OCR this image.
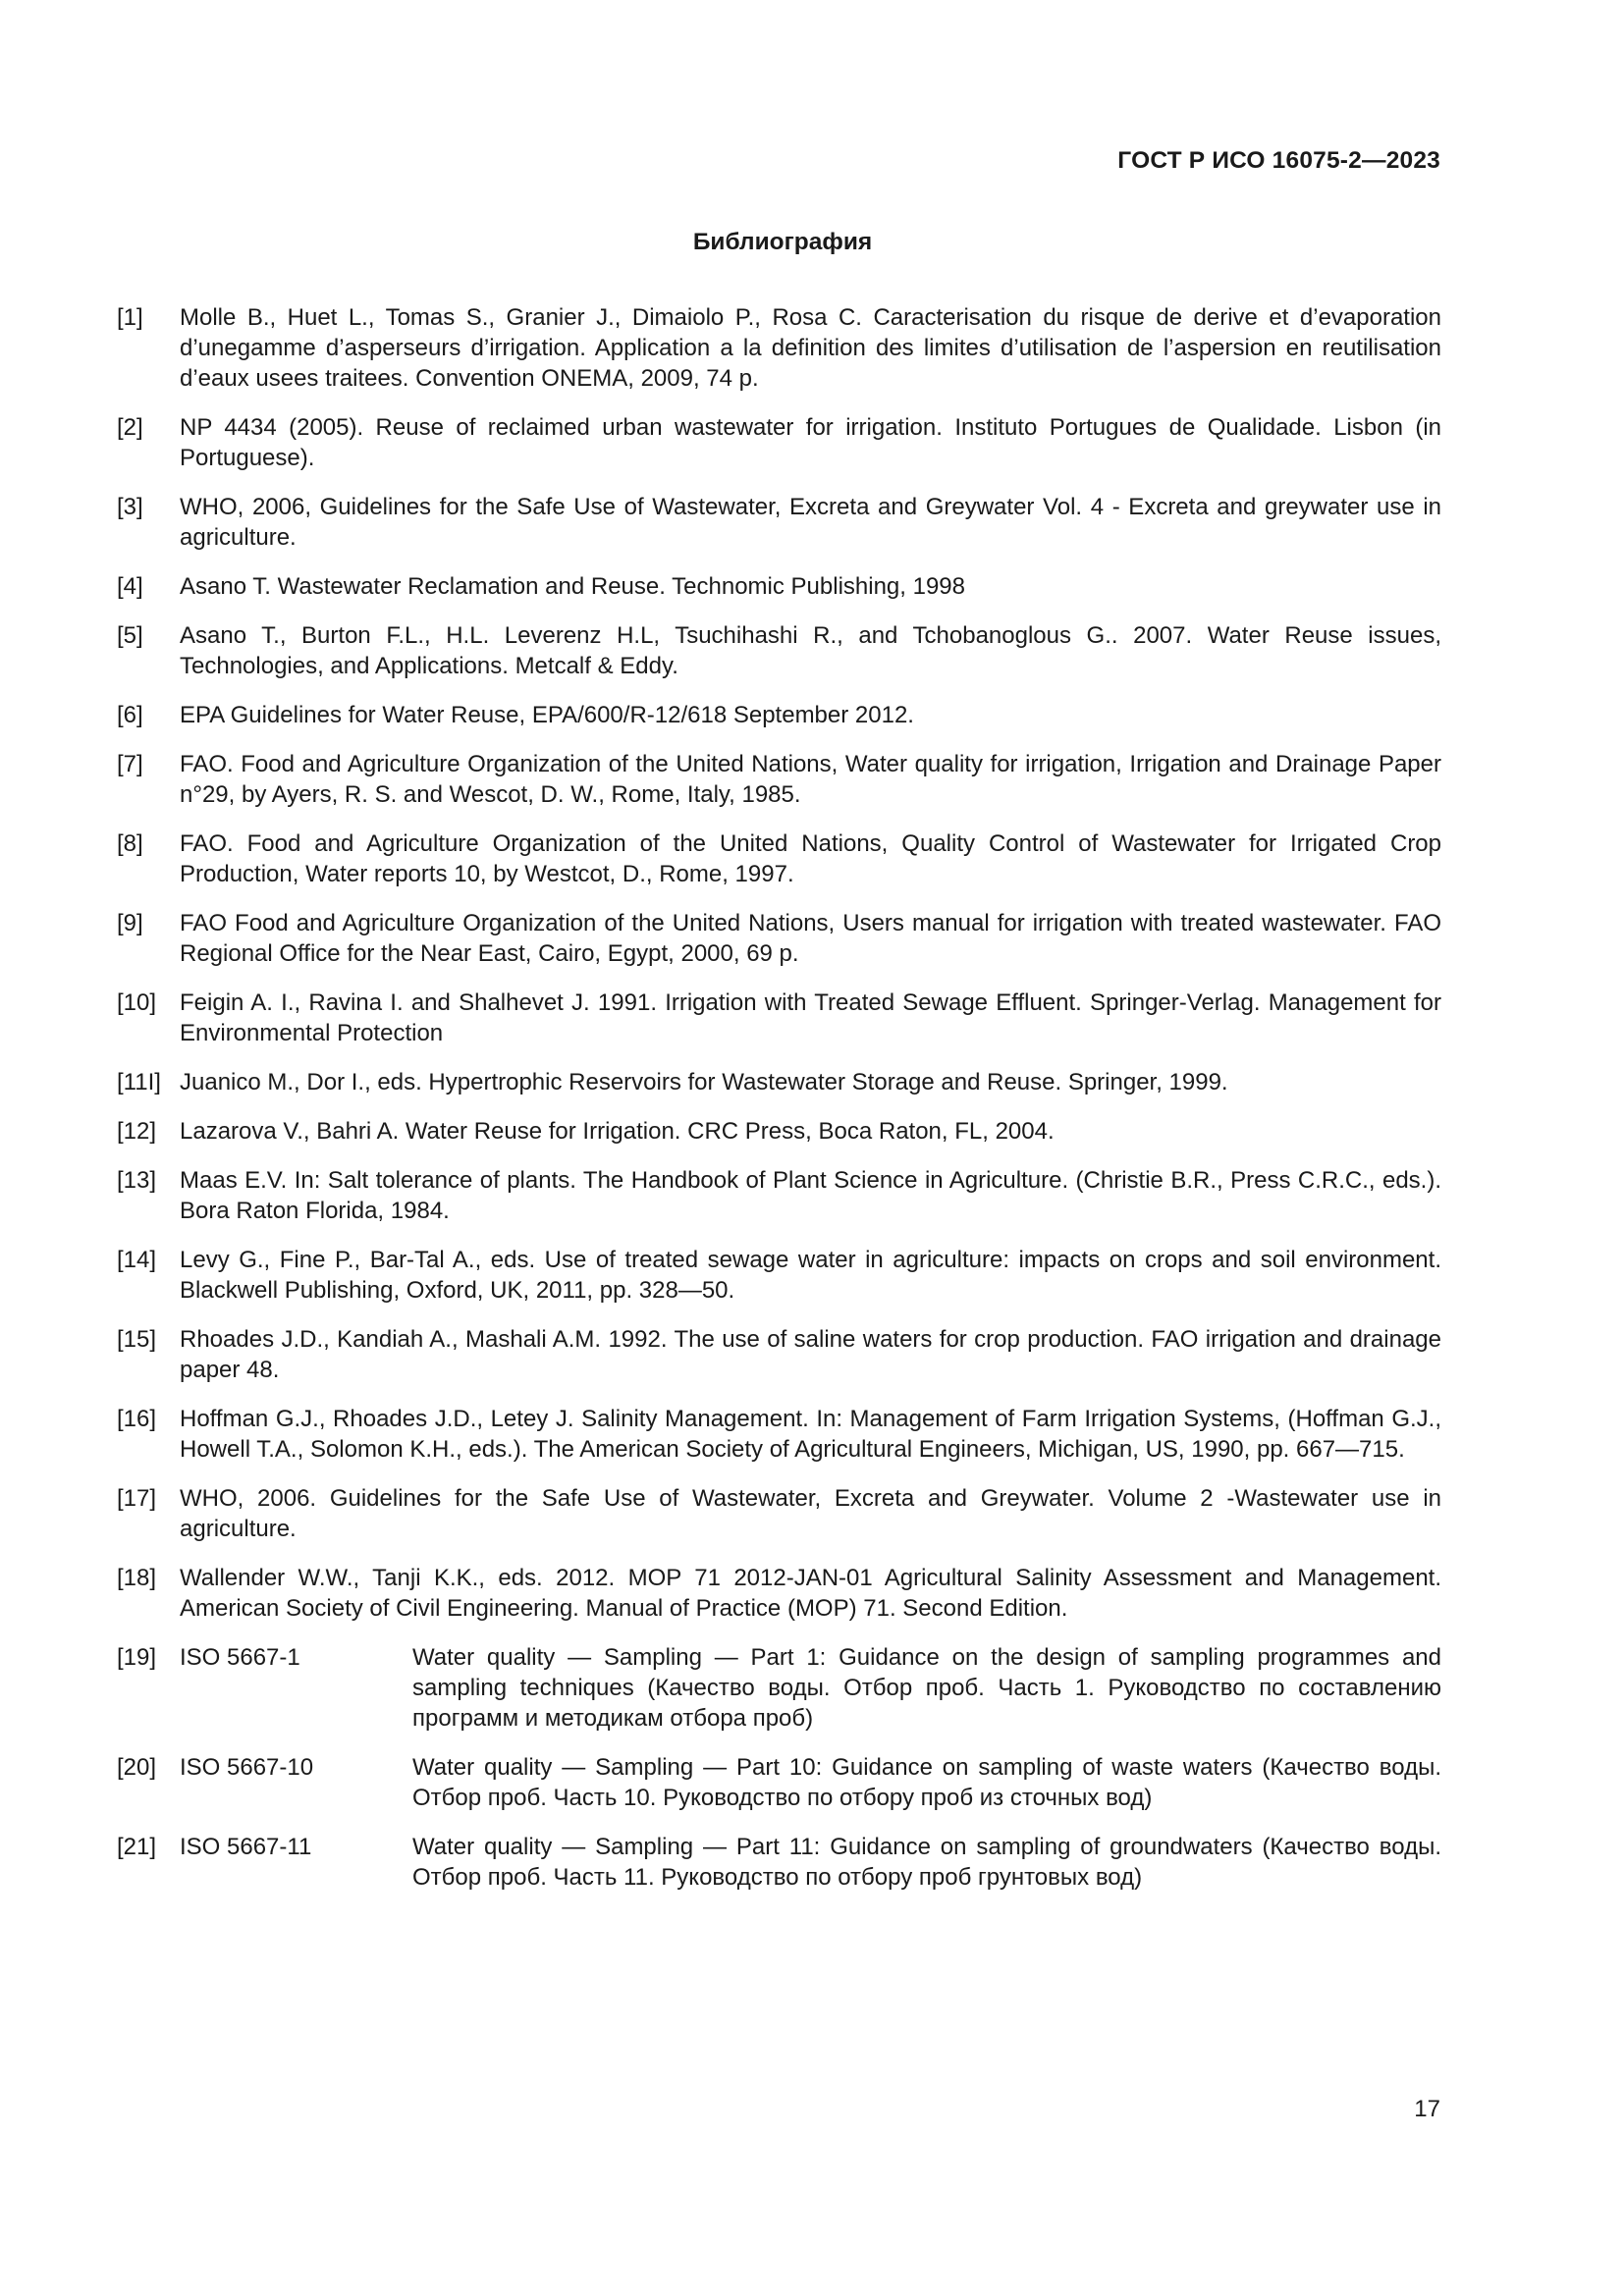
ГОСТ Р ИСО 16075-2—2023
Библиография
[1] Molle B., Huet L., Tomas S., Granier J., Dimaiolo P., Rosa C. Caracterisation du risque de derive et d’evaporation d’unegamme d’asperseurs d’irrigation. Application a la definition des limites d’utilisation de l’aspersion en reutilisation d’eaux usees traitees. Convention ONEMA, 2009, 74 p.
[2] NP 4434 (2005). Reuse of reclaimed urban wastewater for irrigation. Instituto Portugues de Qualidade. Lisbon (in Portuguese).
[3] WHO, 2006, Guidelines for the Safe Use of Wastewater, Excreta and Greywater Vol. 4 - Excreta and greywater use in agriculture.
[4] Asano T. Wastewater Reclamation and Reuse. Technomic Publishing, 1998
[5] Asano T., Burton F.L., H.L. Leverenz H.L, Tsuchihashi R., and Tchobanoglous G.. 2007. Water Reuse issues, Technologies, and Applications. Metcalf & Eddy.
[6] EPA Guidelines for Water Reuse, EPA/600/R-12/618 September 2012.
[7] FAO. Food and Agriculture Organization of the United Nations, Water quality for irrigation, Irrigation and Drainage Paper n°29, by Ayers, R. S. and Wescot, D. W., Rome, Italy, 1985.
[8] FAO. Food and Agriculture Organization of the United Nations, Quality Control of Wastewater for Irrigated Crop Production, Water reports 10, by Westcot, D., Rome, 1997.
[9] FAO Food and Agriculture Organization of the United Nations, Users manual for irrigation with treated wastewater. FAO Regional Office for the Near East, Cairo, Egypt, 2000, 69 p.
[10] Feigin A. I., Ravina I. and Shalhevet J. 1991. Irrigation with Treated Sewage Effluent. Springer-Verlag. Management for Environmental Protection
[11I] Juanico M., Dor I., eds. Hypertrophic Reservoirs for Wastewater Storage and Reuse. Springer, 1999.
[12] Lazarova V., Bahri A. Water Reuse for Irrigation. CRC Press, Boca Raton, FL, 2004.
[13] Maas E.V. In: Salt tolerance of plants. The Handbook of Plant Science in Agriculture. (Christie B.R., Press C.R.C., eds.). Bora Raton Florida, 1984.
[14] Levy G., Fine P., Bar-Tal A., eds. Use of treated sewage water in agriculture: impacts on crops and soil environment. Blackwell Publishing, Oxford, UK, 2011, pp. 328—50.
[15] Rhoades J.D., Kandiah A., Mashali A.M. 1992. The use of saline waters for crop production. FAO irrigation and drainage paper 48.
[16] Hoffman G.J., Rhoades J.D., Letey J. Salinity Management. In: Management of Farm Irrigation Systems, (Hoffman G.J., Howell T.A., Solomon K.H., eds.). The American Society of Agricultural Engineers, Michigan, US, 1990, pp. 667—715.
[17] WHO, 2006. Guidelines for the Safe Use of Wastewater, Excreta and Greywater. Volume 2 -Wastewater use in agriculture.
[18] Wallender W.W., Tanji K.K., eds. 2012. MOP 71 2012-JAN-01 Agricultural Salinity Assessment and Management. American Society of Civil Engineering. Manual of Practice (MOP) 71. Second Edition.
[19] ISO 5667-1	Water quality — Sampling — Part 1: Guidance on the design of sampling programmes and sampling techniques (Качество воды. Отбор проб. Часть 1. Руководство по составлению программ и методикам отбора проб)
[20] ISO 5667-10	Water quality — Sampling — Part 10: Guidance on sampling of waste waters (Качество воды. Отбор проб. Часть 10. Руководство по отбору проб из сточных вод)
[21] ISO 5667-11	Water quality — Sampling — Part 11: Guidance on sampling of groundwaters (Качество воды. Отбор проб. Часть 11. Руководство по отбору проб грунтовых вод)
17
